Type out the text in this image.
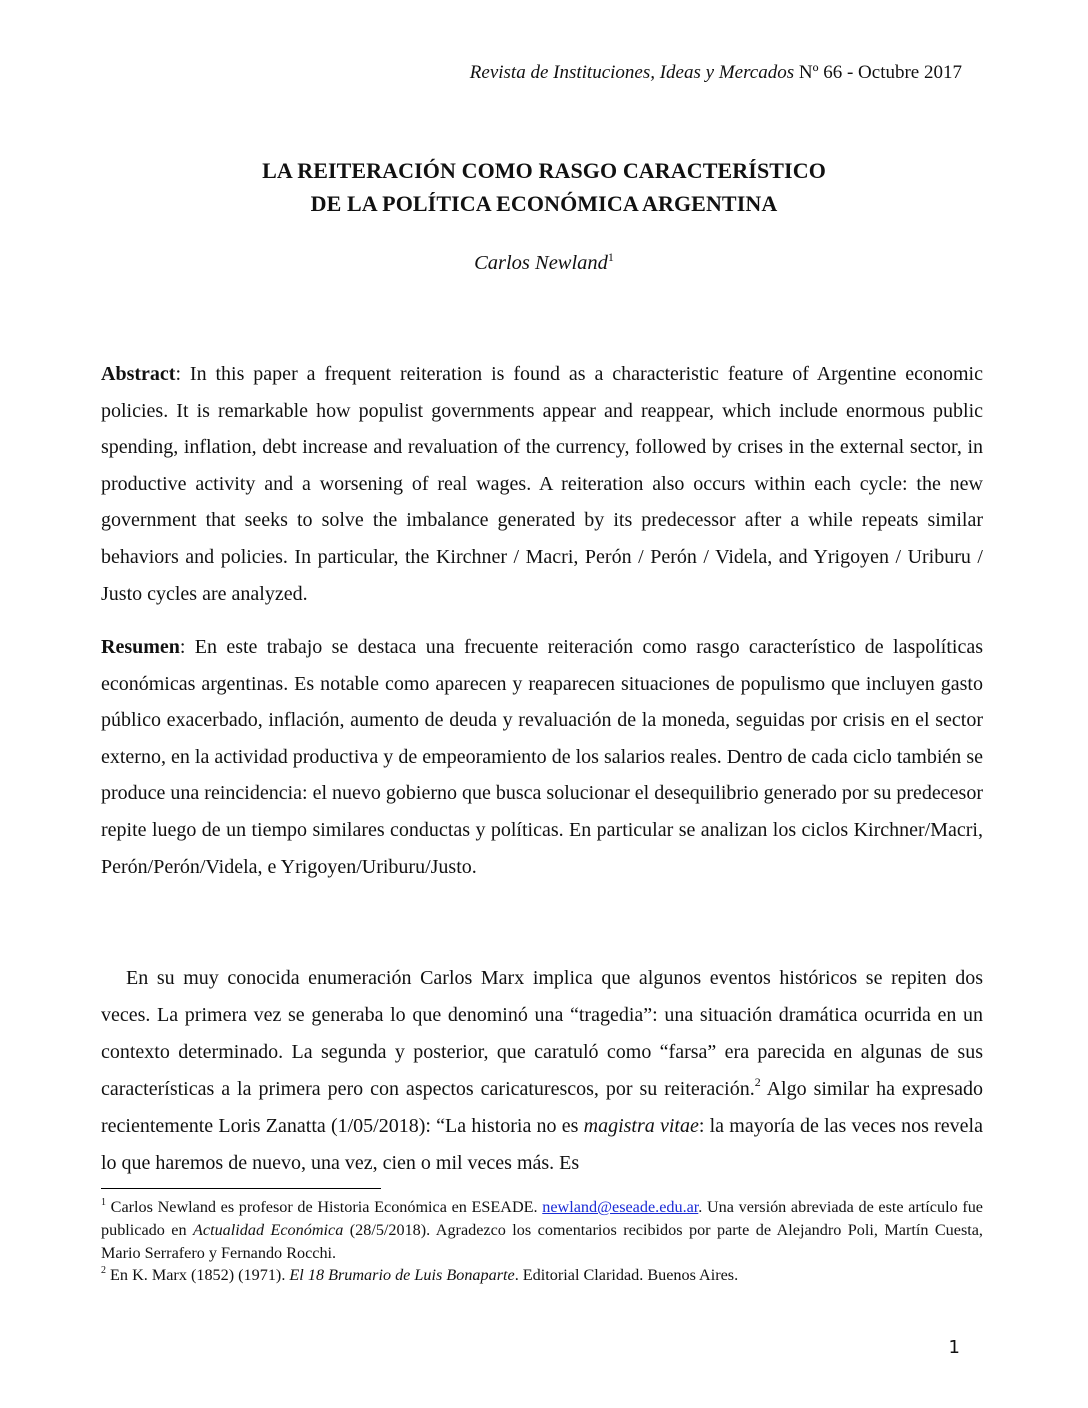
Revista de Instituciones, Ideas y Mercados Nº 66 - Octubre 2017
LA REITERACIÓN COMO RASGO CARACTERÍSTICO
DE LA POLÍTICA ECONÓMICA ARGENTINA
Carlos Newland$^1$

Abstract: In this paper a frequent reiteration is found as a characteristic feature of Argentine economic policies. It is remarkable how populist governments appear and reappear, which include enormous public spending, inflation, debt increase and revaluation of the currency, followed by crises in the external sector, in productive activity and a worsening of real wages. A reiteration also occurs within each cycle: the new government that seeks to solve the imbalance generated by its predecessor after a while repeats similar behaviors and policies. In particular, the Kirchner / Macri, Perón / Perón / Videla, and Yrigoyen / Uriburu / Justo cycles are analyzed.

Resumen: En este trabajo se destaca una frecuente reiteración como rasgo característico de laspolíticas económicas argentinas. Es notable como aparecen y reaparecen situaciones de populismo que incluyen gasto público exacerbado, inflación, aumento de deuda y revaluación de la moneda, seguidas por crisis en el sector externo, en la actividad productiva y de empeoramiento de los salarios reales. Dentro de cada ciclo también se produce una reincidencia: el nuevo gobierno que busca solucionar el desequilibrio generado por su predecesor repite luego de un tiempo similares conductas y políticas. En particular se analizan los ciclos Kirchner/Macri, Perón/Perón/Videla, e Yrigoyen/Uriburu/Justo.

En su muy conocida enumeración Carlos Marx implica que algunos eventos históricos se repiten dos veces. La primera vez se generaba lo que denominó una “tragedia”: una situación dramática ocurrida en un contexto determinado. La segunda y posterior, que caratuló como “farsa” era parecida en algunas de sus características a la primera pero con aspectos caricaturescos, por su reiteración.$^2$ Algo similar ha expresado recientemente Loris Zanatta (1/05/2018): “La historia no es magistra vitae: la mayoría de las veces nos revela lo que haremos de nuevo, una vez, cien o mil veces más. Es

$^1$ Carlos Newland es profesor de Historia Económica en ESEADE. newland@eseade.edu.ar. Una versión abreviada de este artículo fue publicado en Actualidad Económica (28/5/2018). Agradezco los comentarios recibidos por parte de Alejandro Poli, Martín Cuesta, Mario Serrafero y Fernando Rocchi.

$^2$ En K. Marx (1852) (1971). El 18 Brumario de Luis Bonaparte. Editorial Claridad. Buenos Aires.

1
